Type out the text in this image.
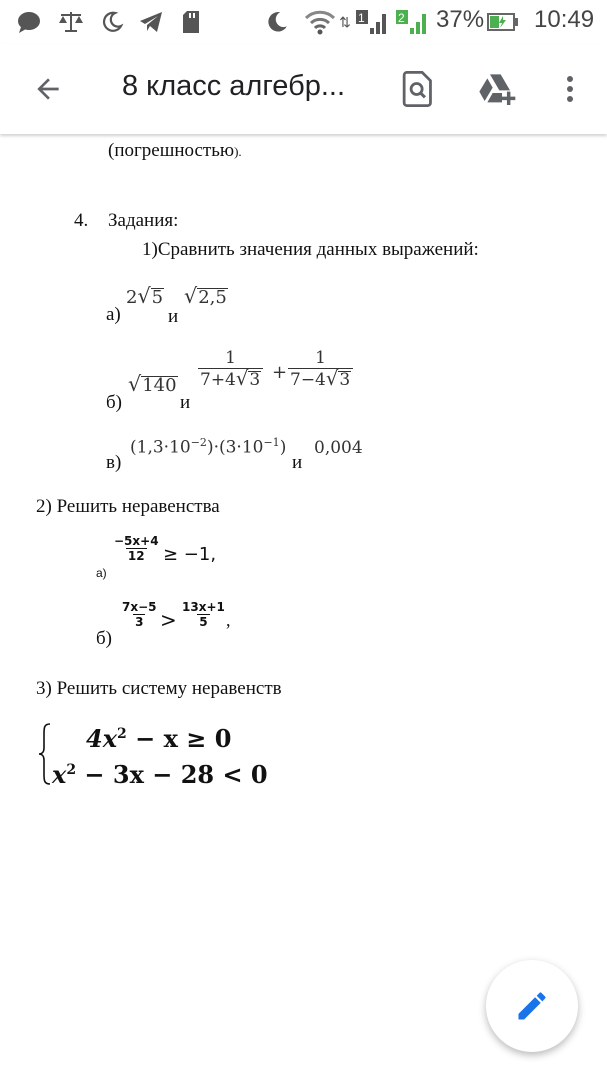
⇅ 1	2 37% 10:49
8 класс алгебр...
(погрешностью).
4. Задания:
1)Сравнить значения данных выражений:
а)
2 √ 5
и
√ 2,5
б)
√ 140
и
$\frac{1}{7+4 √ 3} + \frac{1}{7-4 √ 3}$
в)
$(1,3\cdot 10^{-2})\cdot(3\cdot 10^{-1})$
и
0,004
2) Решить неравенства
а)
$\frac{-5x+4}{12} \ge -1$,
б)
$\frac{7x-5}{3} > \frac{13x+1}{5}$ ,
3) Решить систему неравенств
$4x^2 - x \ge 0$
$x^2 - 3x - 28 < 0$
